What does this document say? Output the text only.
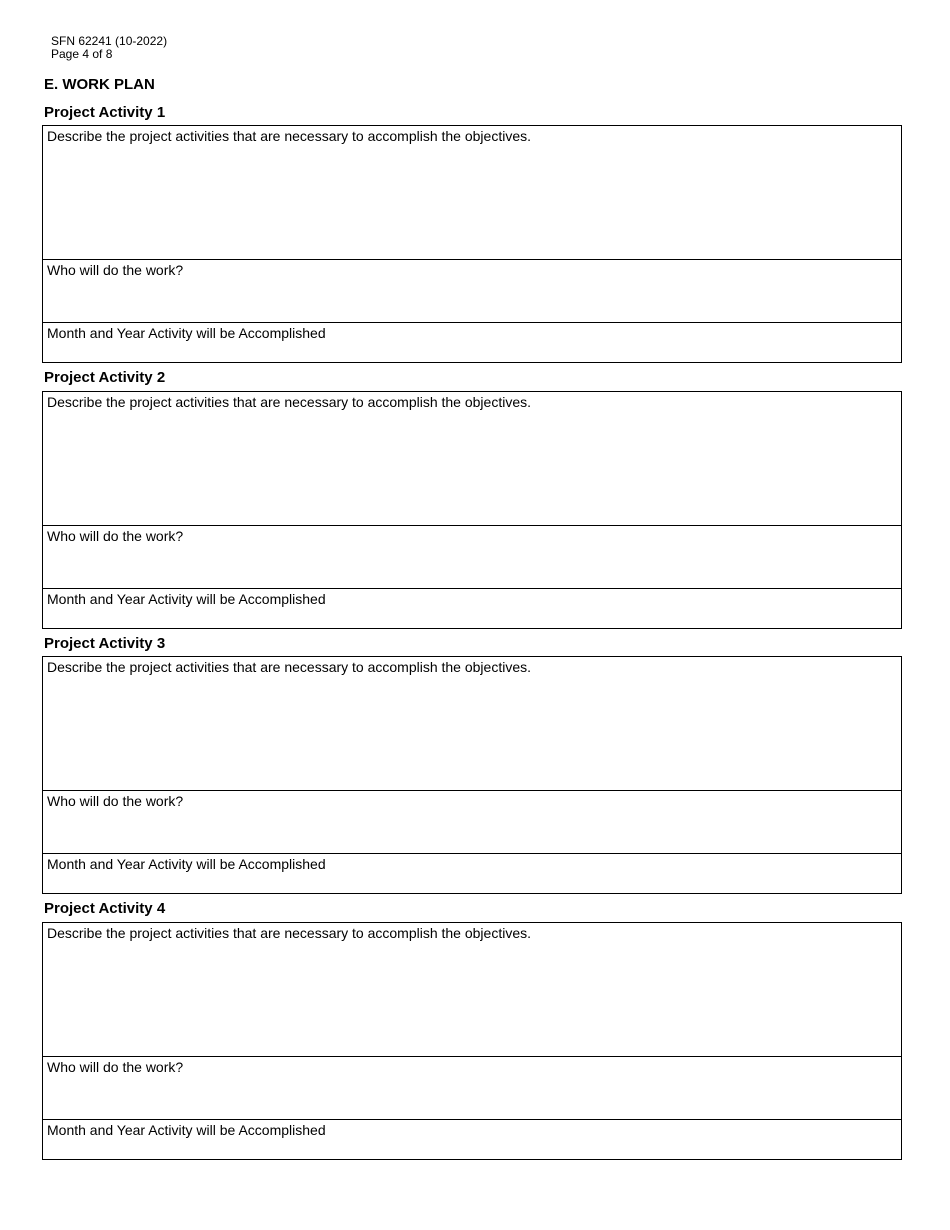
SFN 62241 (10-2022)
Page 4 of 8
E. WORK PLAN
Project Activity 1
Describe the project activities that are necessary to accomplish the objectives.
Who will do the work?
Month and Year Activity will be Accomplished
Project Activity 2
Describe the project activities that are necessary to accomplish the objectives.
Who will do the work?
Month and Year Activity will be Accomplished
Project Activity 3
Describe the project activities that are necessary to accomplish the objectives.
Who will do the work?
Month and Year Activity will be Accomplished
Project Activity 4
Describe the project activities that are necessary to accomplish the objectives.
Who will do the work?
Month and Year Activity will be Accomplished
